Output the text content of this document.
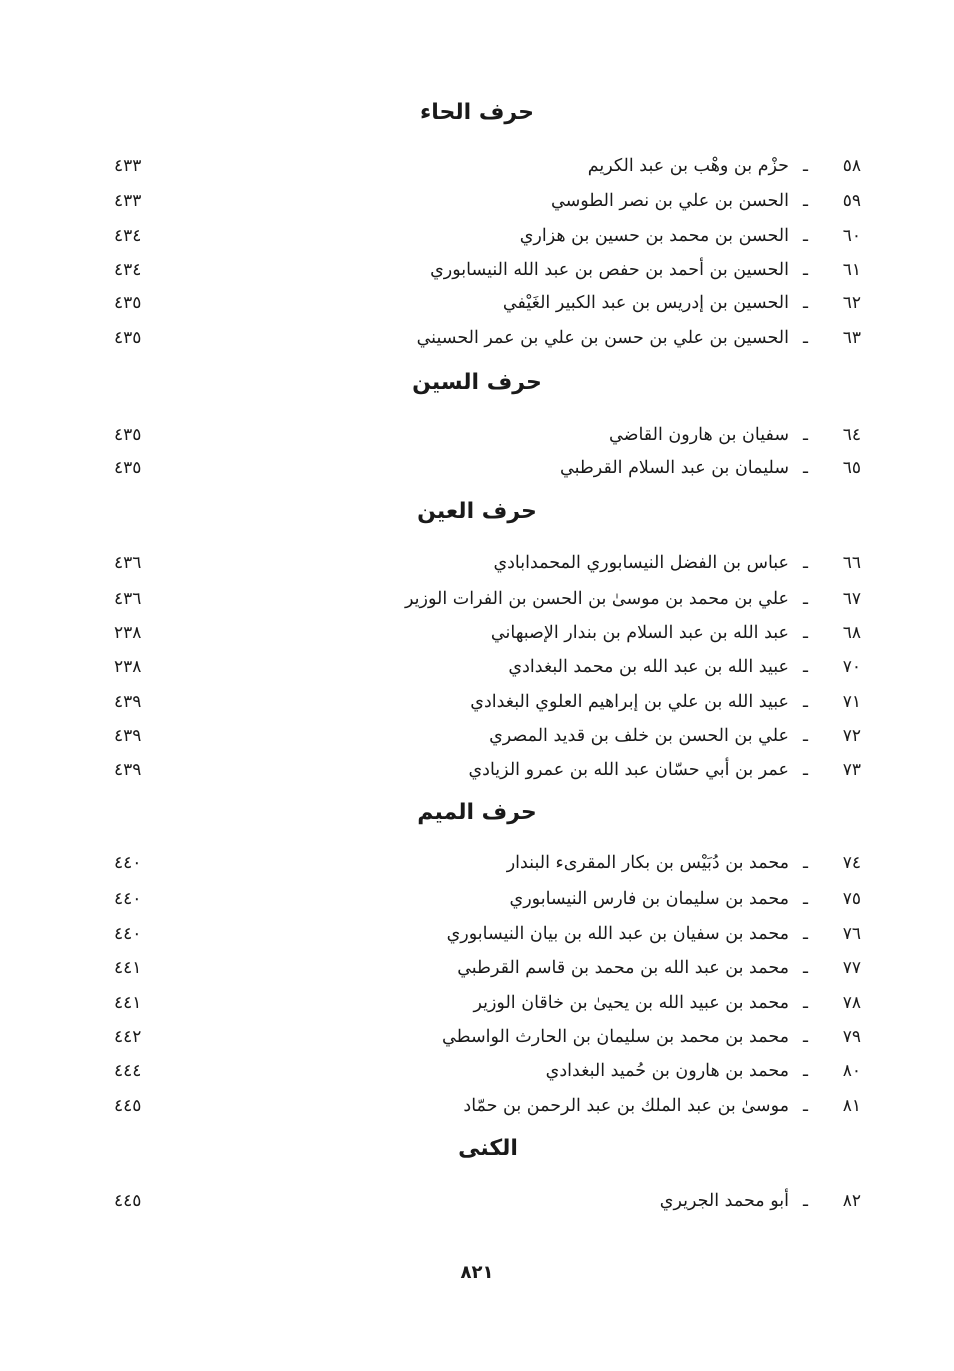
حرف الحاء
٥٨
ـ
حزْم بن وهْب بن عبد الكريم
٤٣٣
٥٩
ـ
الحسن بن علي بن نصر الطوسي
٤٣٣
٦٠
ـ
الحسن بن محمد بن حسين بن هزاري
٤٣٤
٦١
ـ
الحسين بن أحمد بن حفص بن عبد الله النيسابوري
٤٣٤
٦٢
ـ
الحسين بن إدريس بن عبد الكبير الغَيْفي
٤٣٥
٦٣
ـ
الحسين بن علي بن حسن بن علي بن عمر الحسيني
٤٣٥
حرف السين
٦٤
ـ
سفيان بن هارون القاضي
٤٣٥
٦٥
ـ
سليمان بن عبد السلام القرطبي
٤٣٥
حرف العين
٦٦
ـ
عباس بن الفضل النيسابوري المحمدابادي
٤٣٦
٦٧
ـ
علي بن محمد بن موسىٰ بن الحسن بن الفرات الوزير
٤٣٦
٦٨
ـ
عبد الله بن عبد السلام بن بندار الإصبهاني
٢٣٨
٧٠
ـ
عبيد الله بن عبد الله بن محمد البغدادي
٢٣٨
٧١
ـ
عبيد الله بن علي بن إبراهيم العلوي البغدادي
٤٣٩
٧٢
ـ
علي بن الحسن بن خلف بن قديد المصري
٤٣٩
٧٣
ـ
عمر بن أبي حسّان عبد الله بن عمرو الزيادي
٤٣٩
حرف الميم
٧٤
ـ
محمد بن دُبَيْس بن بكار المقرىء البندار
٤٤٠
٧٥
ـ
محمد بن سليمان بن فارس النيسابوري
٤٤٠
٧٦
ـ
محمد بن سفيان بن عبد الله بن بيان النيسابوري
٤٤٠
٧٧
ـ
محمد بن عبد الله بن محمد بن قاسم القرطبي
٤٤١
٧٨
ـ
محمد بن عبيد الله بن يحيىٰ بن خاقان الوزير
٤٤١
٧٩
ـ
محمد بن محمد بن سليمان بن الحارث الواسطي
٤٤٢
٨٠
ـ
محمد بن هارون بن حُميد البغدادي
٤٤٤
٨١
ـ
موسىٰ بن عبد الملك بن عبد الرحمن بن حمّاد
٤٤٥
الكنى
٨٢
ـ
أبو محمد الجريري
٤٤٥
٨٢١
